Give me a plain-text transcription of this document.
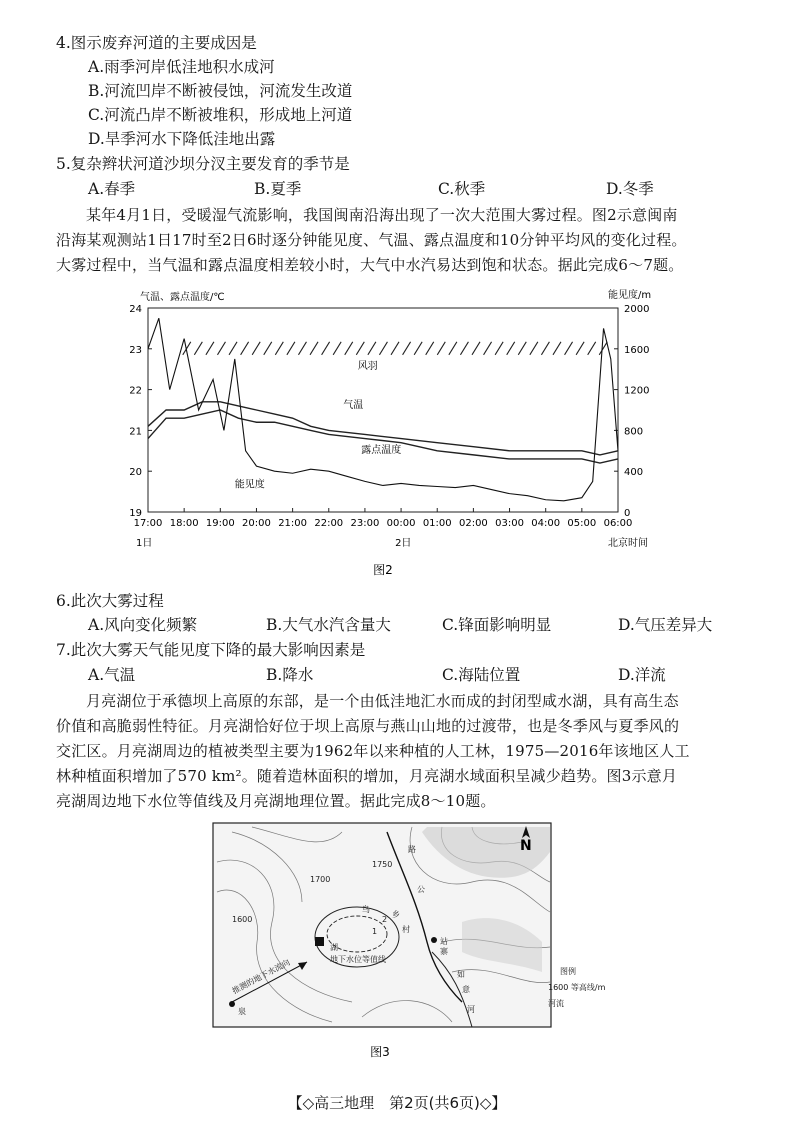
4.图示废弃河道的主要成因是
A.雨季河岸低洼地积水成河
B.河流凹岸不断被侵蚀，河流发生改道
C.河流凸岸不断被堆积，形成地上河道
D.旱季河水下降低洼地出露
5.复杂辫状河道沙坝分汊主要发育的季节是
A.春季	B.夏季	C.秋季	D.冬季
某年4月1日，受暖湿气流影响，我国闽南沿海出现了一次大范围大雾过程。图2示意闽南
沿海某观测站1日17时至2日6时逐分钟能见度、气温、露点温度和10分钟平均风的变化过程。
大雾过程中，当气温和露点温度相差较小时，大气中水汽易达到饱和状态。据此完成6～7题。
气温、露点温度/℃	能见度/m
19
20
21
22
23
24
0
400
800
1200
1600
2000
17:00 18:00 19:00 20:00 21:00 22:00 23:00 00:00 01:00 02:00 03:00 04:00 05:00 06:00
1日	2日	北京时间
图2
风羽
气温
露点温度
能见度
6.此次大雾过程
A.风向变化频繁	B.大气水汽含量大	C.锋面影响明显	D.气压差异大
7.此次大雾天气能见度下降的最大影响因素是
A.气温	B.降水	C.海陆位置	D.洋流
月亮湖位于承德坝上高原的东部，是一个由低洼地汇水而成的封闭型咸水湖，具有高生态
价值和高脆弱性特征。月亮湖恰好位于坝上高原与燕山山地的过渡带，也是冬季风与夏季风的
交汇区。月亮湖周边的植被类型主要为1962年以来种植的人工林，1975—2016年该地区人工
林种植面积增加了570 km²。随着造林面积的增加，月亮湖水域面积呈减少趋势。图3示意月
亮湖周边地下水位等值线及月亮湖地理位置。据此完成8～10题。
N
1700
1750
1600
湖
站
乡
村
寨
公
路
如
意
河
鸟
泉
2
1
地下水位等值线
推测的地下水流向
图3
图例
1600 等高线/m
河流
【◇高三地理　第2页(共6页)◇】
